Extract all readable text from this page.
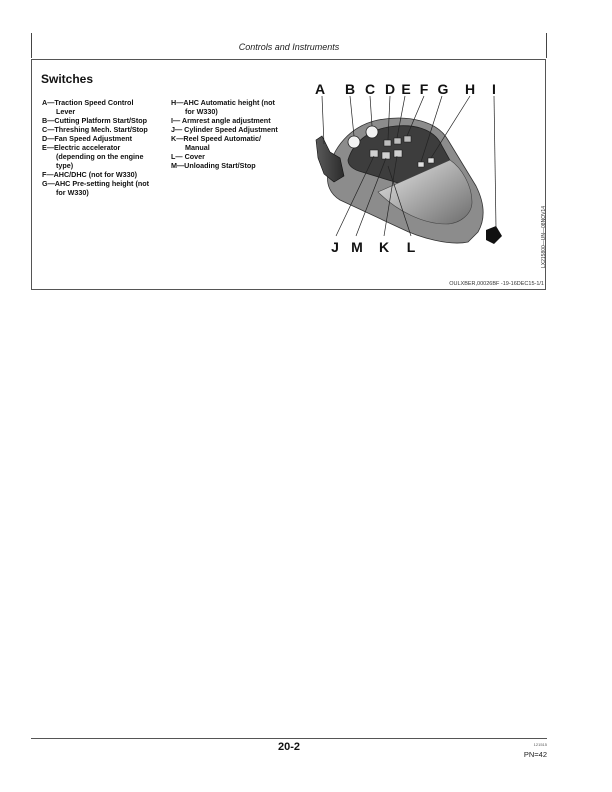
Controls and Instruments
Switches
A—Traction Speed Control
Lever
B—Cutting Platform Start/Stop
C—Threshing Mech. Start/Stop
D—Fan Speed Adjustment
E—Electric accelerator
(depending on the engine
type)
F—AHC/DHC (not for W330)
G—AHC Pre-setting height (not
for W330)
H—AHC Automatic height (not
for W330)
I— Armrest angle adjustment
J— Cylinder Speed Adjustment
K—Reel Speed Automatic/
Manual
L— Cover
M—Unloading Start/Stop
A B C D E F G H I
J M K L	LX215800—UN—08NOV14
OULXBER,00026BF -19-16DEC15-1/1
20-2	121515
PN=42
